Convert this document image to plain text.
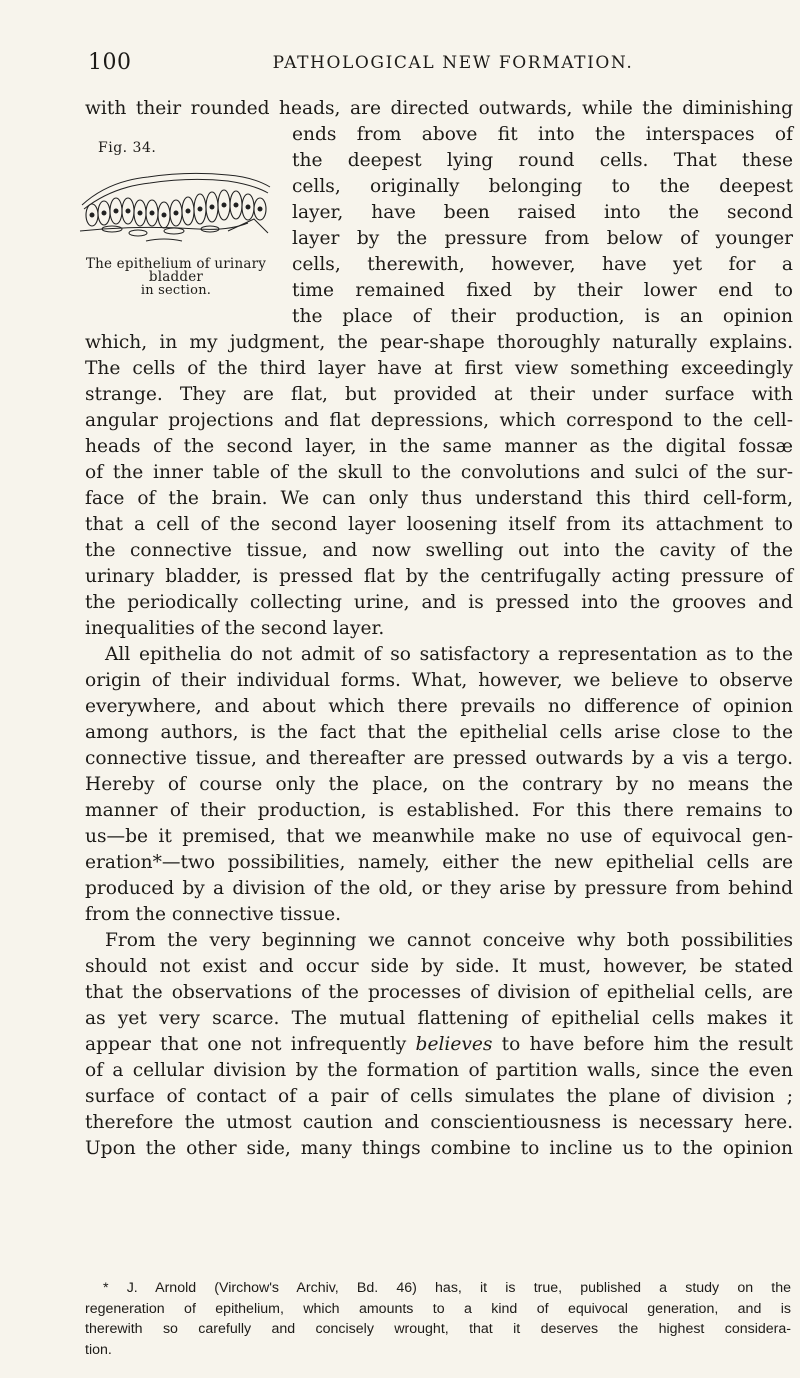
100	PATHOLOGICAL NEW FORMATION.
with their rounded heads, are directed outwards, while the diminishing
Fig. 34.
The epithelium of urinary bladder
in section.
ends from above fit into the interspaces of
the deepest lying round cells. That these
cells, originally belonging to the deepest
layer, have been raised into the second
layer by the pressure from below of younger
cells, therewith, however, have yet for a
time remained fixed by their lower end to
the place of their production, is an opinion
which, in my judgment, the pear-shape thoroughly naturally explains.
The cells of the third layer have at first view something exceedingly
strange. They are flat, but provided at their under surface with
angular projections and flat depressions, which correspond to the cell-
heads of the second layer, in the same manner as the digital fossæ
of the inner table of the skull to the convolutions and sulci of the sur-
face of the brain. We can only thus understand this third cell-form,
that a cell of the second layer loosening itself from its attachment to
the connective tissue, and now swelling out into the cavity of the
urinary bladder, is pressed flat by the centrifugally acting pressure of
the periodically collecting urine, and is pressed into the grooves and
inequalities of the second layer.
All epithelia do not admit of so satisfactory a representation as to the
origin of their individual forms. What, however, we believe to observe
everywhere, and about which there prevails no difference of opinion
among authors, is the fact that the epithelial cells arise close to the
connective tissue, and thereafter are pressed outwards by a vis a tergo.
Hereby of course only the place, on the contrary by no means the
manner of their production, is established. For this there remains to
us—be it premised, that we meanwhile make no use of equivocal gen-
eration*—two possibilities, namely, either the new epithelial cells are
produced by a division of the old, or they arise by pressure from behind
from the connective tissue.
From the very beginning we cannot conceive why both possibilities
should not exist and occur side by side. It must, however, be stated
that the observations of the processes of division of epithelial cells, are
as yet very scarce. The mutual flattening of epithelial cells makes it
appear that one not infrequently believes to have before him the result
of a cellular division by the formation of partition walls, since the even
surface of contact of a pair of cells simulates the plane of division ;
therefore the utmost caution and conscientiousness is necessary here.
Upon the other side, many things combine to incline us to the opinion
* J. Arnold (Virchow's Archiv, Bd. 46) has, it is true, published a study on the
regeneration of epithelium, which amounts to a kind of equivocal generation, and is
therewith so carefully and concisely wrought, that it deserves the highest considera-
tion.
